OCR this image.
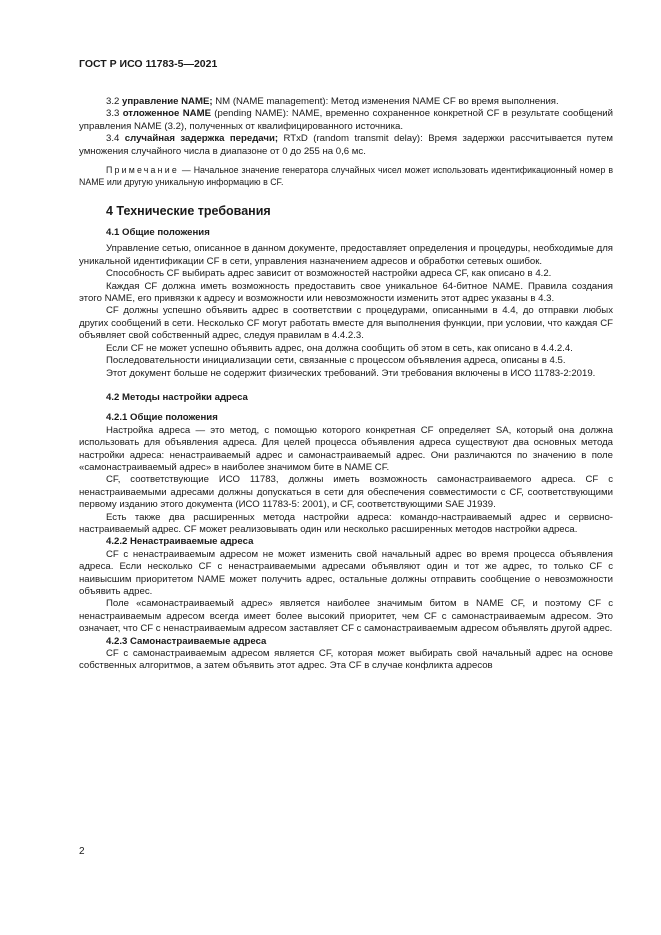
ГОСТ Р ИСО 11783-5—2021

3.2 управление NAME; NM (NAME management): Метод изменения NAME CF во время выполнения.

3.3 отложенное NAME (pending NAME): NAME, временно сохраненное конкретной CF в результате сообщений управления NAME (3.2), полученных от квалифицированного источника.

3.4 случайная задержка передачи; RTxD (random transmit delay): Время задержки рассчитывается путем умножения случайного числа в диапазоне от 0 до 255 на 0,6 мс.

Примечание — Начальное значение генератора случайных чисел может использовать идентификационный номер в NAME или другую уникальную информацию в CF.

4 Технические требования
4.1 Общие положения

Управление сетью, описанное в данном документе, предоставляет определения и процедуры, необходимые для уникальной идентификации CF в сети, управления назначением адресов и обработки сетевых ошибок.

Способность CF выбирать адрес зависит от возможностей настройки адреса CF, как описано в 4.2.

Каждая CF должна иметь возможность предоставить свое уникальное 64-битное NAME. Правила создания этого NAME, его привязки к адресу и возможности или невозможности изменить этот адрес указаны в 4.3.

CF должны успешно объявить адрес в соответствии с процедурами, описанными в 4.4, до отправки любых других сообщений в сети. Несколько CF могут работать вместе для выполнения функции, при условии, что каждая CF объявляет свой собственный адрес, следуя правилам в 4.4.2.3.

Если CF не может успешно объявить адрес, она должна сообщить об этом в сеть, как описано в 4.4.2.4.

Последовательности инициализации сети, связанные с процессом объявления адреса, описаны в 4.5.

Этот документ больше не содержит физических требований. Эти требования включены в ИСО 11783-2:2019.

4.2 Методы настройки адреса
4.2.1 Общие положения

Настройка адреса — это метод, с помощью которого конкретная CF определяет SA, который она должна использовать для объявления адреса. Для целей процесса объявления адреса существуют два основных метода настройки адреса: ненастраиваемый адрес и самонастраиваемый адрес. Они различаются по значению в поле «самонастраиваемый адрес» в наиболее значимом бите в NAME CF.

CF, соответствующие ИСО 11783, должны иметь возможность самонастраиваемого адреса. CF с ненастраиваемыми адресами должны допускаться в сети для обеспечения совместимости с CF, соответствующими первому изданию этого документа (ИСО 11783-5: 2001), и CF, соответствующими SAE J1939.

Есть также два расширенных метода настройки адреса: командо-настраиваемый адрес и сервисно-настраиваемый адрес. CF может реализовывать один или несколько расширенных методов настройки адреса.

4.2.2 Ненастраиваемые адреса

CF с ненастраиваемым адресом не может изменить свой начальный адрес во время процесса объявления адреса. Если несколько CF с ненастраиваемыми адресами объявляют один и тот же адрес, то только CF с наивысшим приоритетом NAME может получить адрес, остальные должны отправить сообщение о невозможности объявить адрес.

Поле «самонастраиваемый адрес» является наиболее значимым битом в NAME CF, и поэтому CF с ненастраиваемым адресом всегда имеет более высокий приоритет, чем CF с самонастраиваемым адресом. Это означает, что CF с ненастраиваемым адресом заставляет CF с самонастраиваемым адресом объявлять другой адрес.

4.2.3 Самонастраиваемые адреса

CF с самонастраиваемым адресом является CF, которая может выбирать свой начальный адрес на основе собственных алгоритмов, а затем объявить этот адрес. Эта CF в случае конфликта адресов

2
